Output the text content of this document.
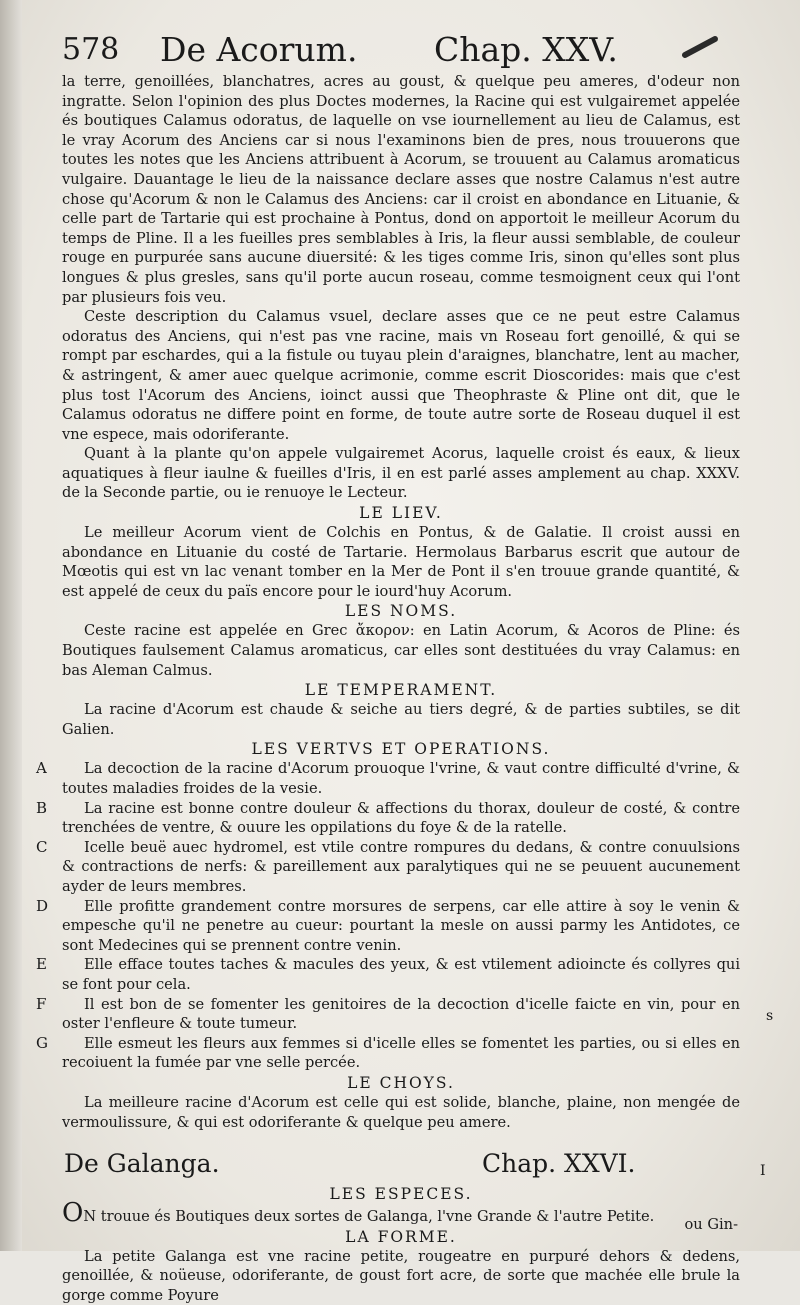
578 De Acorum. Chap. XXV.

la terre, genoillées, blanchatres, acres au goust, & quelque peu ameres, d'odeur non ingratte. Selon l'opinion des plus Doctes modernes, la Racine qui est vulgairemet appelée és boutiques Calamus odoratus, de laquelle on vse iournellement au lieu de Calamus, est le vray Acorum des Anciens car si nous l'examinons bien de pres, nous trouuerons que toutes les notes que les Anciens attribuent à Acorum, se trouuent au Calamus aromaticus vulgaire. Dauantage le lieu de la naissance declare asses que nostre Calamus n'est autre chose qu'Acorum & non le Calamus des Anciens: car il croist en abondance en Lituanie, & celle part de Tartarie qui est prochaine à Pontus, dond on apportoit le meilleur Acorum du temps de Pline. Il a les fueilles pres semblables à Iris, la fleur aussi semblable, de couleur rouge en purpurée sans aucune diuersité: & les tiges comme Iris, sinon qu'elles sont plus longues & plus gresles, sans qu'il porte aucun roseau, comme tesmoignent ceux qui l'ont par plusieurs fois veu.

Ceste description du Calamus vsuel, declare asses que ce ne peut estre Calamus odoratus des Anciens, qui n'est pas vne racine, mais vn Roseau fort genoillé, & qui se rompt par eschardes, qui a la fistule ou tuyau plein d'araignes, blanchatre, lent au macher, & astringent, & amer auec quelque acrimonie, comme escrit Dioscorides: mais que c'est plus tost l'Acorum des Anciens, ioinct aussi que Theophraste & Pline ont dit, que le Calamus odoratus ne differe point en forme, de toute autre sorte de Roseau duquel il est vne espece, mais odoriferante.

Quant à la plante qu'on appele vulgairemet Acorus, laquelle croist és eaux, & lieux aquatiques à fleur iaulne & fueilles d'Iris, il en est parlé asses amplement au chap. XXXV. de la Seconde partie, ou ie renuoye le Lecteur.

LE LIEV.

Le meilleur Acorum vient de Colchis en Pontus, & de Galatie. Il croist aussi en abondance en Lituanie du costé de Tartarie. Hermolaus Barbarus escrit que autour de Mœotis qui est vn lac venant tomber en la Mer de Pont il s'en trouue grande quantité, & est appelé de ceux du païs encore pour le iourd'huy Acorum.

LES NOMS.

Ceste racine est appelée en Grec ἄκορον: en Latin Acorum, & Acoros de Pline: és Boutiques faulsement Calamus aromaticus, car elles sont destituées du vray Calamus: en bas Aleman Calmus.

LE TEMPERAMENT.

La racine d'Acorum est chaude & seiche au tiers degré, & de parties subtiles, se dit Galien.

LES VERTVS ET OPERATIONS.

A	La decoction de la racine d'Acorum prouoque l'vrine, & vaut contre difficulté d'vrine, & toutes maladies froides de la vesie.

B	La racine est bonne contre douleur & affections du thorax, douleur de costé, & contre trenchées de ventre, & ouure les oppilations du foye & de la ratelle.

C	Icelle beuë auec hydromel, est vtile contre rompures du dedans, & contre conuulsions & contractions de nerfs: & pareillement aux paralytiques qui ne se peuuent aucunement ayder de leurs membres.

D	Elle profitte grandement contre morsures de serpens, car elle attire à soy le venin & empesche qu'il ne penetre au cueur: pourtant la mesle on aussi parmy les Antidotes, ce sont Medecines qui se prennent contre venin.

E	Elle efface toutes taches & macules des yeux, & est vtilement adioincte és collyres qui se font pour cela.

F	Il est bon de se fomenter les genitoires de la decoction d'icelle faicte en vin, pour en oster l'enfleure & toute tumeur.

G	Elle esmeut les fleurs aux femmes si d'icelle elles se fomentet les parties, ou si elles en recoiuent la fumée par vne selle percée.

LE CHOYS.

La meilleure racine d'Acorum est celle qui est solide, blanche, plaine, non mengée de vermoulissure, & qui est odoriferante & quelque peu amere.

De Galanga.	Chap. XXVI.

LES ESPECES.

ON trouue és Boutiques deux sortes de Galanga, l'vne Grande & l'autre Petite.

LA FORME.

La petite Galanga est vne racine petite, rougeatre en purpuré dehors & dedens, genoillée, & noüeuse, odoriferante, de goust fort acre, de sorte que machée elle brule la gorge comme Poyure

s
I
ou Gin-
